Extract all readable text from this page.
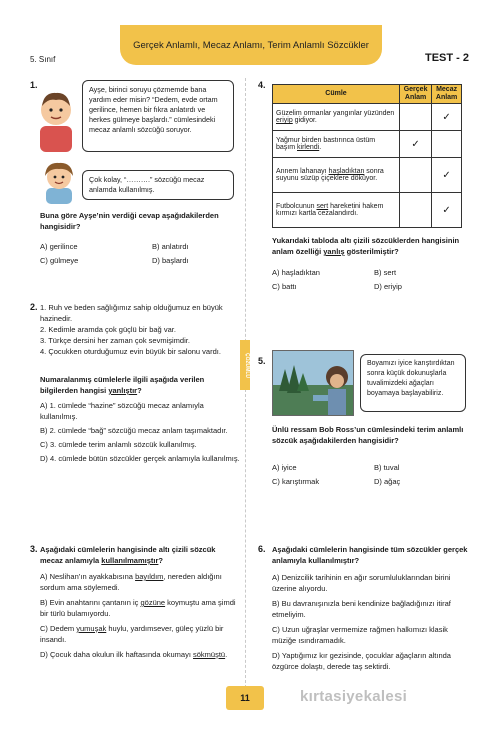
5. Sınıf
Gerçek Anlamlı, Mecaz Anlamı, Terim Anlamlı Sözcükler
TEST - 2
ÇÖZÜMLÜ
1.	Ayşe, birinci soruyu çözmemde bana yardım eder misin? “Dedem, evde ortam gerilince, hemen bir fıkra anlatırdı ve herkes gülmeye başlardı.” cümlesindeki mecaz anlamlı sözcüğü soruyor.
Çok kolay, “……….” sözcüğü mecaz anlamda kullanılmış.
Buna göre Ayşe’nin verdiği cevap aşağıdakilerden hangisidir?
A) gerilince	B) anlatırdı
C) gülmeye	D) başlardı
2. 1. Ruh ve beden sağlığımız sahip olduğumuz en büyük hazinedir.
2. Kedimle aramda çok güçlü bir bağ var.
3. Türkçe dersini her zaman çok sevmişimdir.
4. Çocukken oturduğumuz evin büyük bir salonu vardı.
Numaralanmış cümlelerle ilgili aşağıda verilen bilgilerden hangisi yanlıştır?
A) 1. cümlede “hazine” sözcüğü mecaz anlamıyla kullanılmış.
B) 2. cümlede “bağ” sözcüğü mecaz anlam taşımaktadır.
C) 3. cümlede terim anlamlı sözcük kullanılmış.
D) 4. cümlede bütün sözcükler gerçek anlamıyla kullanılmış.
3. Aşağıdaki cümlelerin hangisinde altı çizili sözcük mecaz anlamıyla kullanılmamıştır?
A) Neslihan’ın ayakkabısına bayıldım, nereden aldığını sordum ama söylemedi.
B) Evin anahtarını çantanın iç gözüne koymuştu ama şimdi bir türlü bulamıyordu.
C) Dedem yumuşak huylu, yardımsever, güleç yüzlü bir insandı.
D) Çocuk daha okulun ilk haftasında okumayı sökmüştü.
4.
Cümle	Gerçek Anlam	Mecaz Anlam
Güzelim ormanlar yangınlar yüzünden eriyip gidiyor.		✓
Yağmur birden bastırınca üstüm başım kirlendi.	✓	
Annem lahanayı haşladıktan sonra suyunu süzüp çiçeklere döküyor.		✓
Futbolcunun sert hareketini hakem kırmızı kartla cezalandırdı.		✓
Yukarıdaki tabloda altı çizili sözcüklerden hangisinin anlam özelliği yanlış gösterilmiştir?
A) haşladıktan	B) sert
C) battı	D) eriyip
5.	Boyamızı iyice karıştırdıktan sonra küçük dokunuşlarla tuvalimizdeki ağaçları boyamaya başlayabiliriz.
Ünlü ressam Bob Ross’un cümlesindeki terim anlamlı sözcük aşağıdakilerden hangisidir?
A) iyice	B) tuval
C) karıştırmak	D) ağaç
6. Aşağıdaki cümlelerin hangisinde tüm sözcükler gerçek anlamıyla kullanılmıştır?
A) Denizcilik tarihinin en ağır sorumluluklarından birini üzerine alıyordu.
B) Bu davranışınızla beni kendinize bağladığınızı itiraf etmeliyim.
C) Uzun uğraşlar vermemize rağmen halkımızı klasik müziğe ısındıramadık.
D) Yaptığımız kır gezisinde, çocuklar ağaçların altında özgürce dolaştı, derede taş sektirdi.
11	kırtasiyekalesi
